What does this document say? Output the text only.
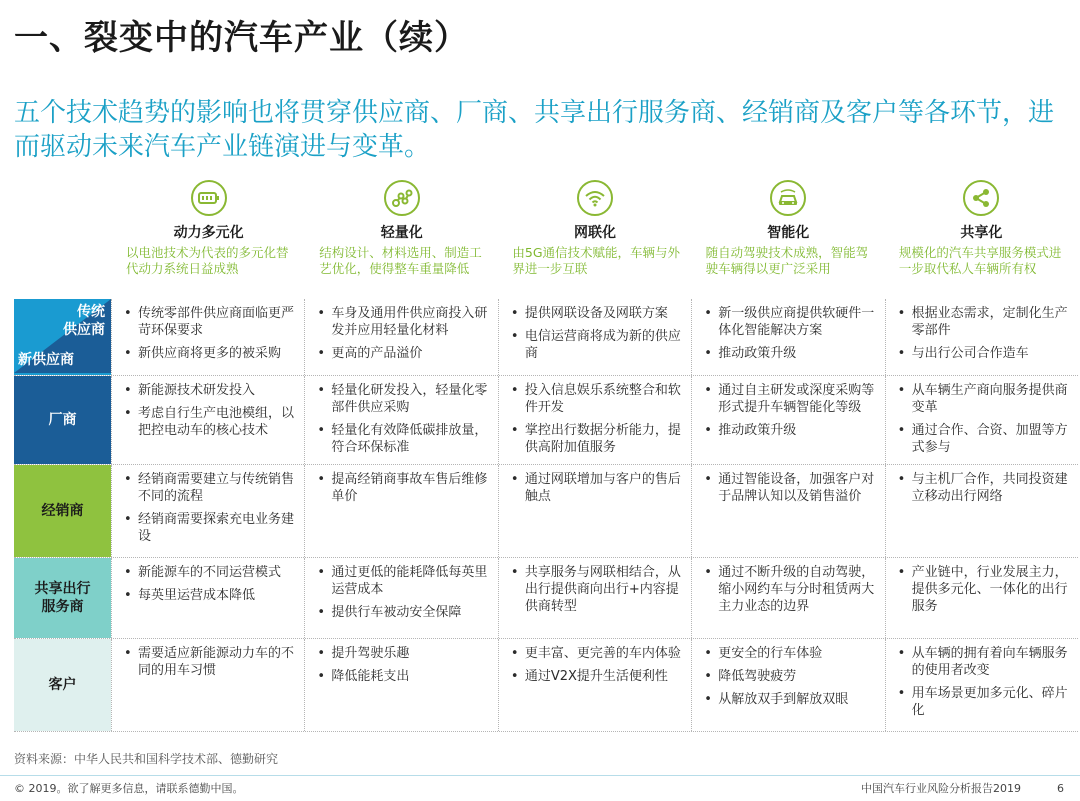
一、裂变中的汽车产业（续）
五个技术趋势的影响也将贯穿供应商、厂商、共享出行服务商、经销商及客户等各环节，进而驱动未来汽车产业链演进与变革。
动力多元化
以电池技术为代表的多元化替代动力系统日益成熟
轻量化
结构设计、材料选用、制造工艺优化，使得整车重量降低
网联化
由5G通信技术赋能，车辆与外界进一步互联
智能化
随自动驾驶技术成熟，智能驾驶车辆得以更广泛采用
共享化
规模化的汽车共享服务模式进一步取代私人车辆所有权
传统
供应商
新供应商
• 传统零部件供应商面临更严苛环保要求
• 新供应商将更多的被采购
• 车身及通用件供应商投入研发并应用轻量化材料
• 更高的产品溢价
• 提供网联设备及网联方案
• 电信运营商将成为新的供应商
• 新一级供应商提供软硬件一体化智能解决方案
• 推动政策升级
• 根据业态需求，定制化生产零部件
• 与出行公司合作造车
厂商
• 新能源技术研发投入
• 考虑自行生产电池模组，以把控电动车的核心技术
• 轻量化研发投入，轻量化零部件供应采购
• 轻量化有效降低碳排放量，符合环保标准
• 投入信息娱乐系统整合和软件开发
• 掌控出行数据分析能力，提供高附加值服务
• 通过自主研发或深度采购等形式提升车辆智能化等级
• 推动政策升级
• 从车辆生产商向服务提供商变革
• 通过合作、合资、加盟等方式参与
经销商
• 经销商需要建立与传统销售不同的流程
• 经销商需要探索充电业务建设
• 提高经销商事故车售后维修单价
• 通过网联增加与客户的售后触点
• 通过智能设备，加强客户对于品牌认知以及销售溢价
• 与主机厂合作，共同投资建立移动出行网络
共享出行
服务商
• 新能源车的不同运营模式
• 每英里运营成本降低
• 通过更低的能耗降低每英里运营成本
• 提供行车被动安全保障
• 共享服务与网联相结合，从出行提供商向出行+内容提供商转型
• 通过不断升级的自动驾驶，缩小网约车与分时租赁两大主力业态的边界
• 产业链中，行业发展主力，提供多元化、一体化的出行服务
客户
• 需要适应新能源动力车的不同的用车习惯
• 提升驾驶乐趣
• 降低能耗支出
• 更丰富、更完善的车内体验
• 通过V2X提升生活便利性
• 更安全的行车体验
• 降低驾驶疲劳
• 从解放双手到解放双眼
• 从车辆的拥有着向车辆服务的使用者改变
• 用车场景更加多元化、碎片化
资料来源：中华人民共和国科学技术部、德勤研究
© 2019。欲了解更多信息，请联系德勤中国。	中国汽车行业风险分析报告2019	6
